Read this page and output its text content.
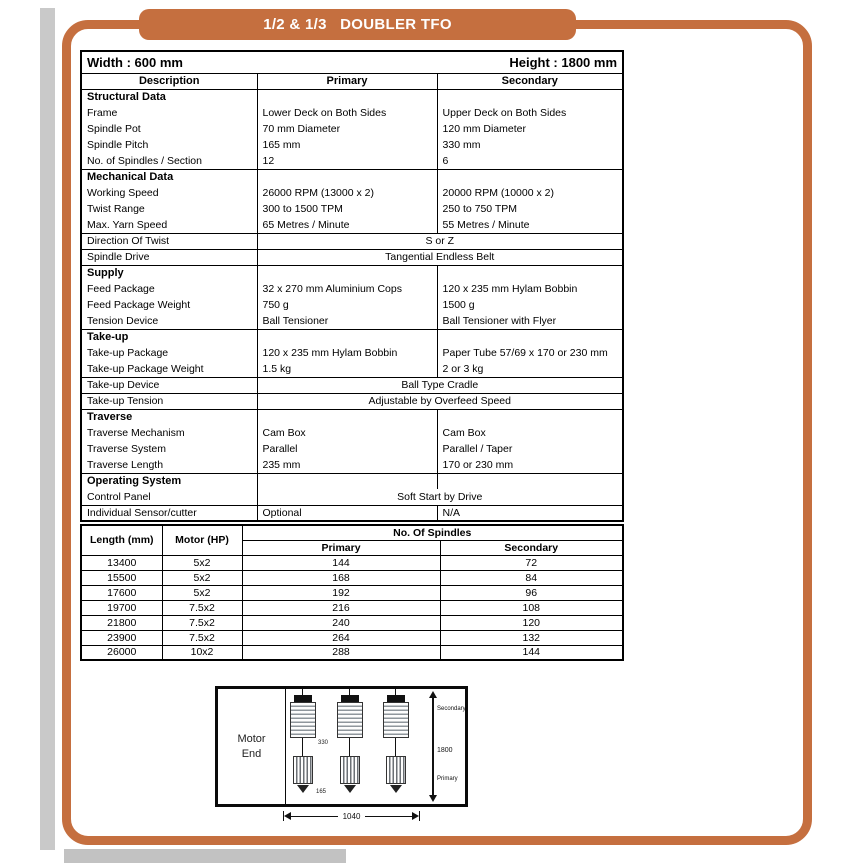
1/2 & 1/3   DOUBLER TFO
Width : 600 mm		Height : 1800 mm
Description	Primary	Secondary
Structural Data		
Frame	Lower Deck on Both Sides	Upper Deck on Both Sides
Spindle Pot	70 mm Diameter	120 mm Diameter
Spindle Pitch	165 mm	330 mm
No. of Spindles / Section	12	6
Mechanical Data		
Working Speed	26000 RPM (13000 x 2)	20000 RPM (10000 x 2)
Twist Range	300 to 1500 TPM	250 to 750 TPM
Max. Yarn Speed	65 Metres / Minute	55 Metres / Minute
Direction Of Twist	S or Z	
Spindle Drive	Tangential Endless Belt	
Supply		
Feed Package	32 x 270 mm Aluminium Cops	120 x 235 mm Hylam Bobbin
Feed Package Weight	750 g	1500 g
Tension Device	Ball Tensioner	Ball Tensioner with Flyer
Take-up		
Take-up Package	120 x 235 mm Hylam Bobbin	Paper Tube 57/69 x 170 or 230 mm
Take-up Package Weight	1.5 kg	2 or 3 kg
Take-up Device	Ball Type Cradle	
Take-up Tension	Adjustable by Overfeed Speed	
Traverse		
Traverse Mechanism	Cam Box	Cam Box
Traverse System	Parallel	Parallel / Taper
Traverse Length	235 mm	170 or 230 mm
Operating System		
Control Panel	Soft Start by Drive	
Individual Sensor/cutter	Optional	N/A
Length (mm)	Motor (HP)	No. Of Spindles	
		Primary	Secondary
13400	5x2	144	72
15500	5x2	168	84
17600	5x2	192	96
19700	7.5x2	216	108
21800	7.5x2	240	120
23900	7.5x2	264	132
26000	10x2	288	144
Motor End
330
165
Secondary
1800
Primary
1040
